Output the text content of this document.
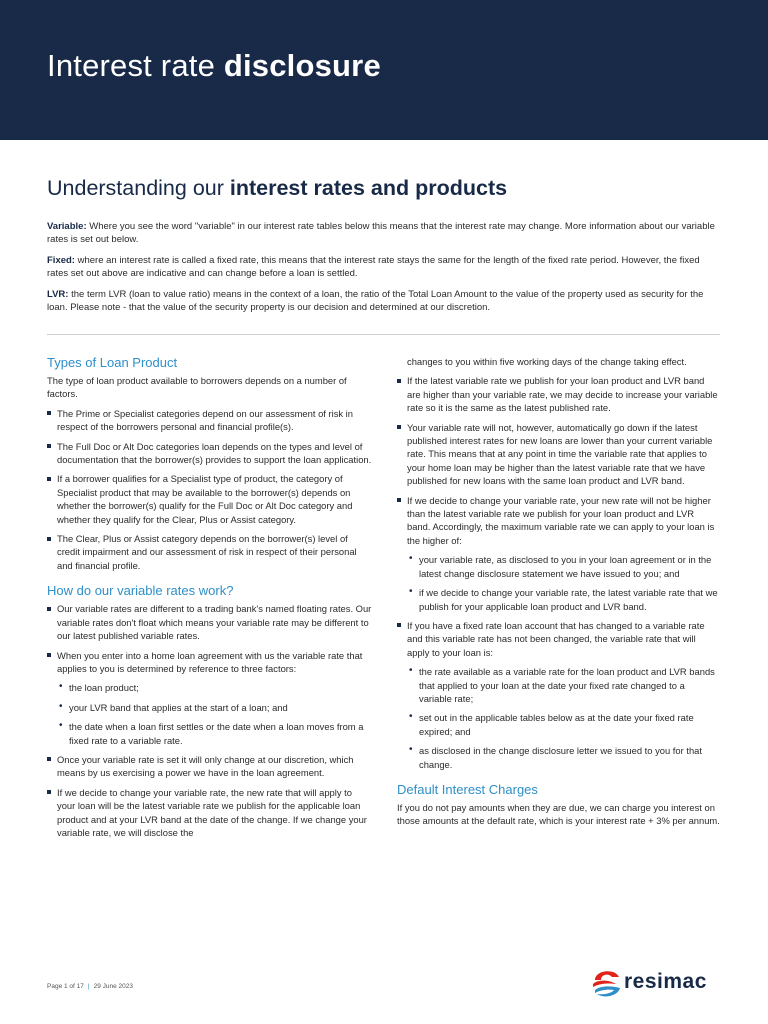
Interest rate disclosure
Understanding our interest rates and products

Variable: Where you see the word "variable" in our interest rate tables below this means that the interest rate may change. More information about our variable rates is set out below.

Fixed: where an interest rate is called a fixed rate, this means that the interest rate stays the same for the length of the fixed rate period. However, the fixed rates set out above are indicative and can change before a loan is settled.

LVR: the term LVR (loan to value ratio) means in the context of a loan, the ratio of the Total Loan Amount to the value of the property used as security for the loan. Please note - that the value of the security property is our decision and determined at our discretion.

Types of Loan Product

The type of loan product available to borrowers depends on a number of factors.

The Prime or Specialist categories depend on our assessment of risk in respect of the borrowers personal and financial profile(s).
The Full Doc or Alt Doc categories loan depends on the types and level of documentation that the borrower(s) provides to support the loan application.
If a borrower qualifies for a Specialist type of product, the category of Specialist product that may be available to the borrower(s) depends on whether the borrower(s) qualify for the Full Doc or Alt Doc category and whether they qualify for the Clear, Plus or Assist category.
The Clear, Plus or Assist category depends on the borrower(s) level of credit impairment and our assessment of risk in respect of their personal and financial profile.
How do our variable rates work?
Our variable rates are different to a trading bank's named floating rates. Our variable rates don't float which means your variable rate may be different to our latest published variable rates.
When you enter into a home loan agreement with us the variable rate that applies to you is determined by reference to three factors:
• the loan product;
• your LVR band that applies at the start of a loan; and
• the date when a loan first settles or the date when a loan moves from a fixed rate to a variable rate.
Once your variable rate is set it will only change at our discretion, which means by us exercising a power we have in the loan agreement.
If we decide to change your variable rate, the new rate that will apply to your loan will be the latest variable rate we publish for the applicable loan product and at your LVR band at the date of the change. If we change your variable rate, we will disclose the

changes to you within five working days of the change taking effect.

If the latest variable rate we publish for your loan product and LVR band are higher than your variable rate, we may decide to increase your variable rate so it is the same as the latest published rate.
Your variable rate will not, however, automatically go down if the latest published interest rates for new loans are lower than your current variable rate. This means that at any point in time the variable rate that applies to your home loan may be higher than the latest variable rate that we have published for new loans with the same loan product and LVR band.
If we decide to change your variable rate, your new rate will not be higher than the latest variable rate we publish for your loan product and LVR band. Accordingly, the maximum variable rate we can apply to your loan is the higher of:
• your variable rate, as disclosed to you in your loan agreement or in the latest change disclosure statement we have issued to you; and
• if we decide to change your variable rate, the latest variable rate that we publish for your applicable loan product and LVR band.
If you have a fixed rate loan account that has changed to a variable rate and this variable rate has not been changed, the variable rate that will apply to your loan is:
• the rate available as a variable rate for the loan product and LVR bands that applied to your loan at the date your fixed rate changed to a variable rate;
• set out in the applicable tables below as at the date your fixed rate expired; and
• as disclosed in the change disclosure letter we issued to you for that change.
Default Interest Charges

If you do not pay amounts when they are due, we can charge you interest on those amounts at the default rate, which is your interest rate + 3% per annum.

Page 1 of 17 | 29 June 2023	resimac
